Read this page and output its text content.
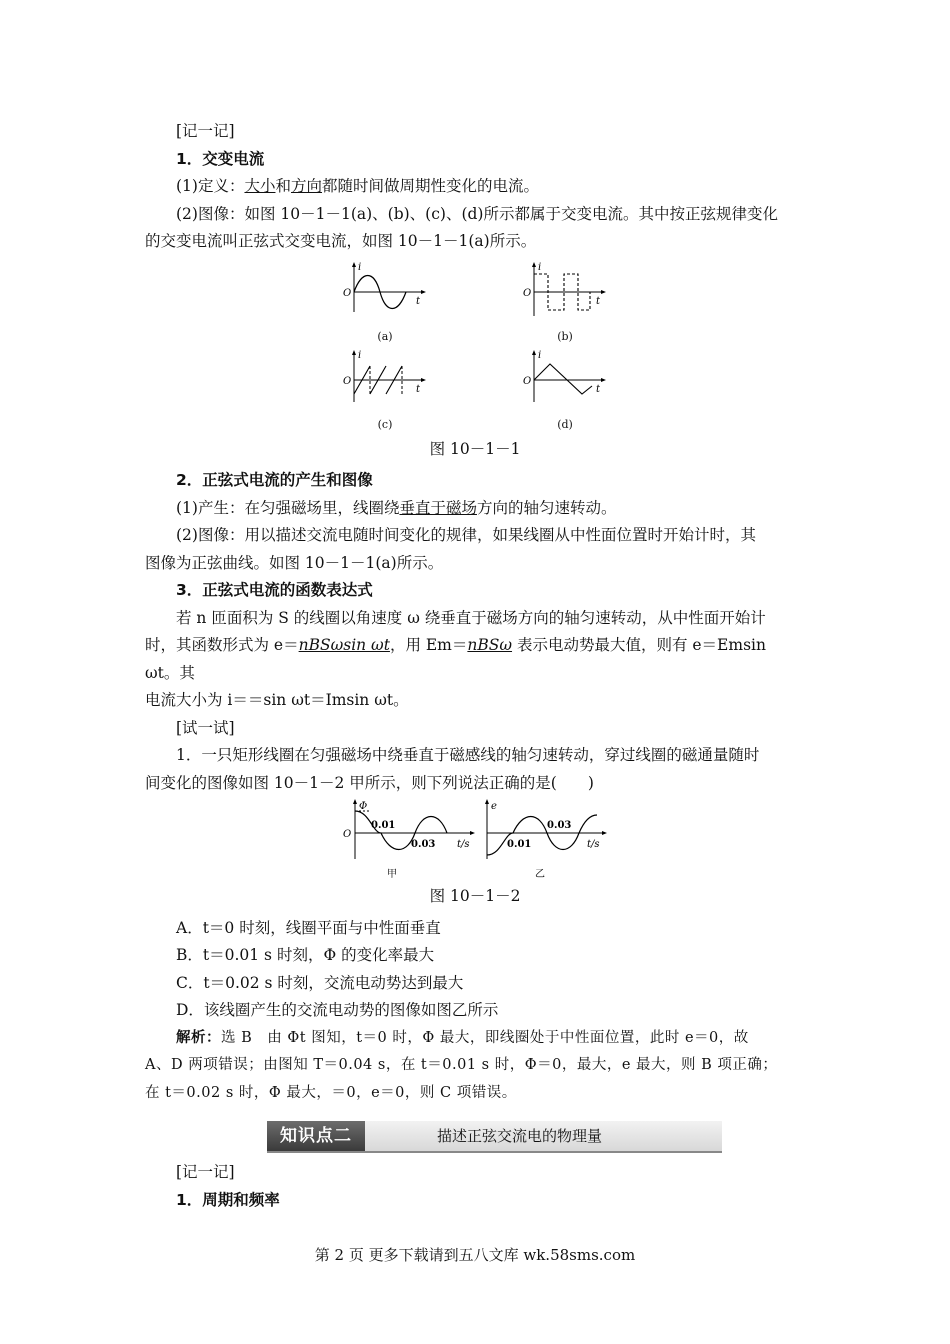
[记一记]

1．交变电流

(1)定义：大小和方向都随时间做周期性变化的电流。

(2)图像：如图 10－1－1(a)、(b)、(c)、(d)所示都属于交变电流。其中按正弦规律变化

的交变电流叫正弦式交变电流，如图 10－1－1(a)所示。

i
O
t
(a)
i
O
t
(b)
i
O
t
(c)
i
O
t
(d)

图 10－1－1

2．正弦式电流的产生和图像

(1)产生：在匀强磁场里，线圈绕垂直于磁场方向的轴匀速转动。

(2)图像：用以描述交流电随时间变化的规律，如果线圈从中性面位置时开始计时，其

图像为正弦曲线。如图 10－1－1(a)所示。

3．正弦式电流的函数表达式

若 n 匝面积为 S 的线圈以角速度 ω 绕垂直于磁场方向的轴匀速转动，从中性面开始计

时，其函数形式为 e＝nBSωsin ωt，用 Em＝nBSω 表示电动势最大值，则有 e＝Emsin ωt。其

电流大小为 i＝＝sin ωt＝Imsin ωt。

[试一试]

1．一只矩形线圈在匀强磁场中绕垂直于磁感线的轴匀速转动，穿过线圈的磁通量随时

间变化的图像如图 10－1－2 甲所示，则下列说法正确的是(　　)

Φ
O
0.01
0.03 t/s
甲
e
0.01
0.03
t/s
乙

图 10－1－2

A．t＝0 时刻，线圈平面与中性面垂直

B．t＝0.01 s 时刻，Φ 的变化率最大

C．t＝0.02 s 时刻，交流电动势达到最大

D．该线圈产生的交流电动势的图像如图乙所示

解析：选 B　由 Φt 图知，t＝0 时，Φ 最大，即线圈处于中性面位置，此时 e＝0，故

A、D 两项错误；由图知 T＝0.04 s，在 t＝0.01 s 时，Φ＝0，最大，e 最大，则 B 项正确；

在 t＝0.02 s 时，Φ 最大，＝0，e＝0，则 C 项错误。

知识点二	描述正弦交流电的物理量

[记一记]

1．周期和频率

第 2 页 更多下载请到五八文库 wk.58sms.com
